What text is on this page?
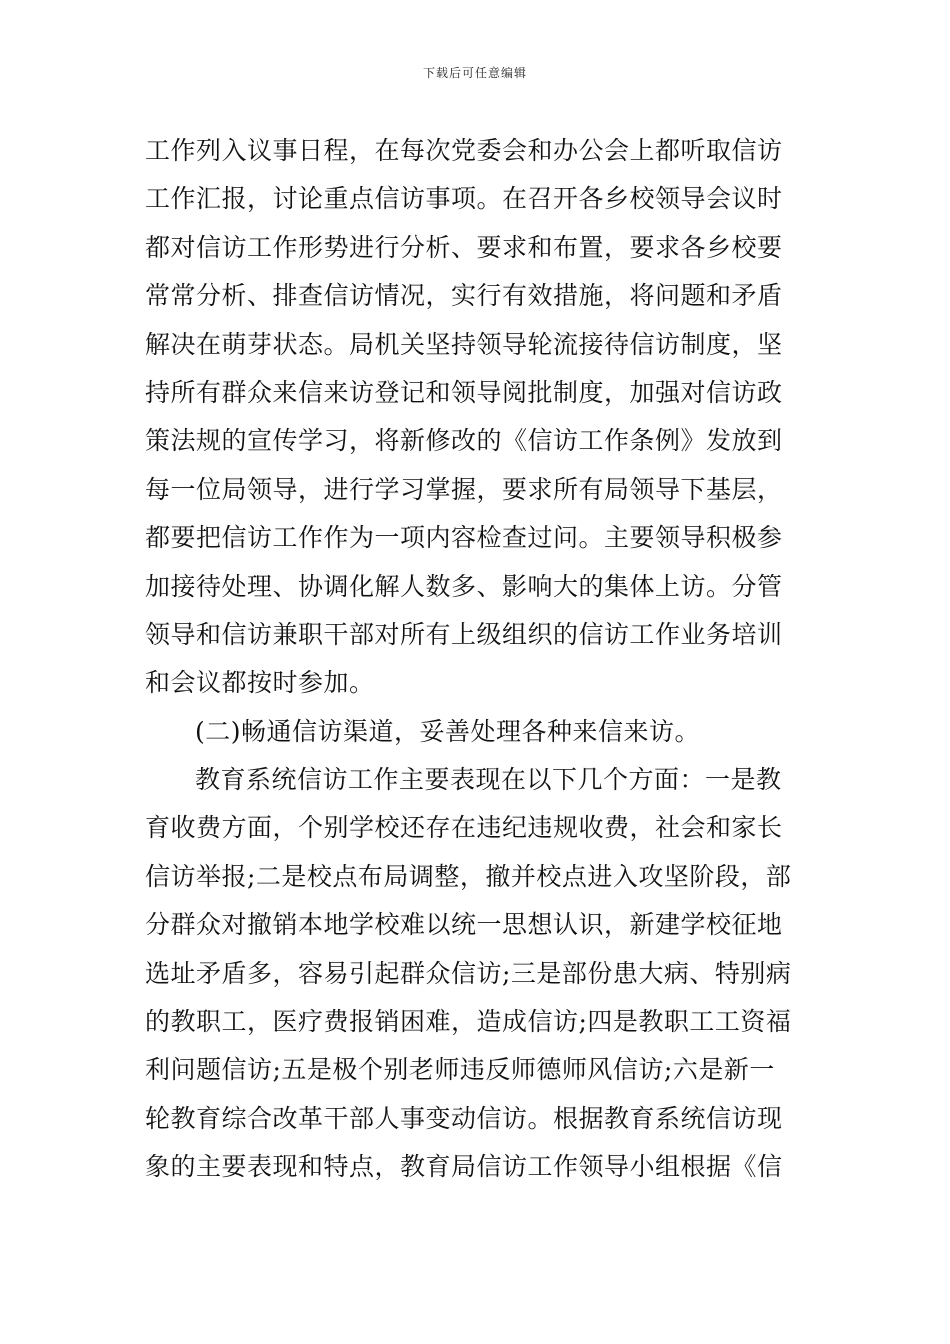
下载后可任意编辑
工作列入议事日程，在每次党委会和办公会上都听取信访
工作汇报，讨论重点信访事项。在召开各乡校领导会议时
都对信访工作形势进行分析、要求和布置，要求各乡校要
常常分析、排查信访情况，实行有效措施，将问题和矛盾
解决在萌芽状态。局机关坚持领导轮流接待信访制度，坚
持所有群众来信来访登记和领导阅批制度，加强对信访政
策法规的宣传学习，将新修改的《信访工作条例》发放到
每一位局领导，进行学习掌握，要求所有局领导下基层，
都要把信访工作作为一项内容检查过问。主要领导积极参
加接待处理、协调化解人数多、影响大的集体上访。分管
领导和信访兼职干部对所有上级组织的信访工作业务培训
和会议都按时参加。
(二)畅通信访渠道，妥善处理各种来信来访。
教育系统信访工作主要表现在以下几个方面：一是教
育收费方面，个别学校还存在违纪违规收费，社会和家长
信访举报;二是校点布局调整，撤并校点进入攻坚阶段，部
分群众对撤销本地学校难以统一思想认识，新建学校征地
选址矛盾多，容易引起群众信访;三是部份患大病、特别病
的教职工，医疗费报销困难，造成信访;四是教职工工资福
利问题信访;五是极个别老师违反师德师风信访;六是新一
轮教育综合改革干部人事变动信访。根据教育系统信访现
象的主要表现和特点，教育局信访工作领导小组根据《信
